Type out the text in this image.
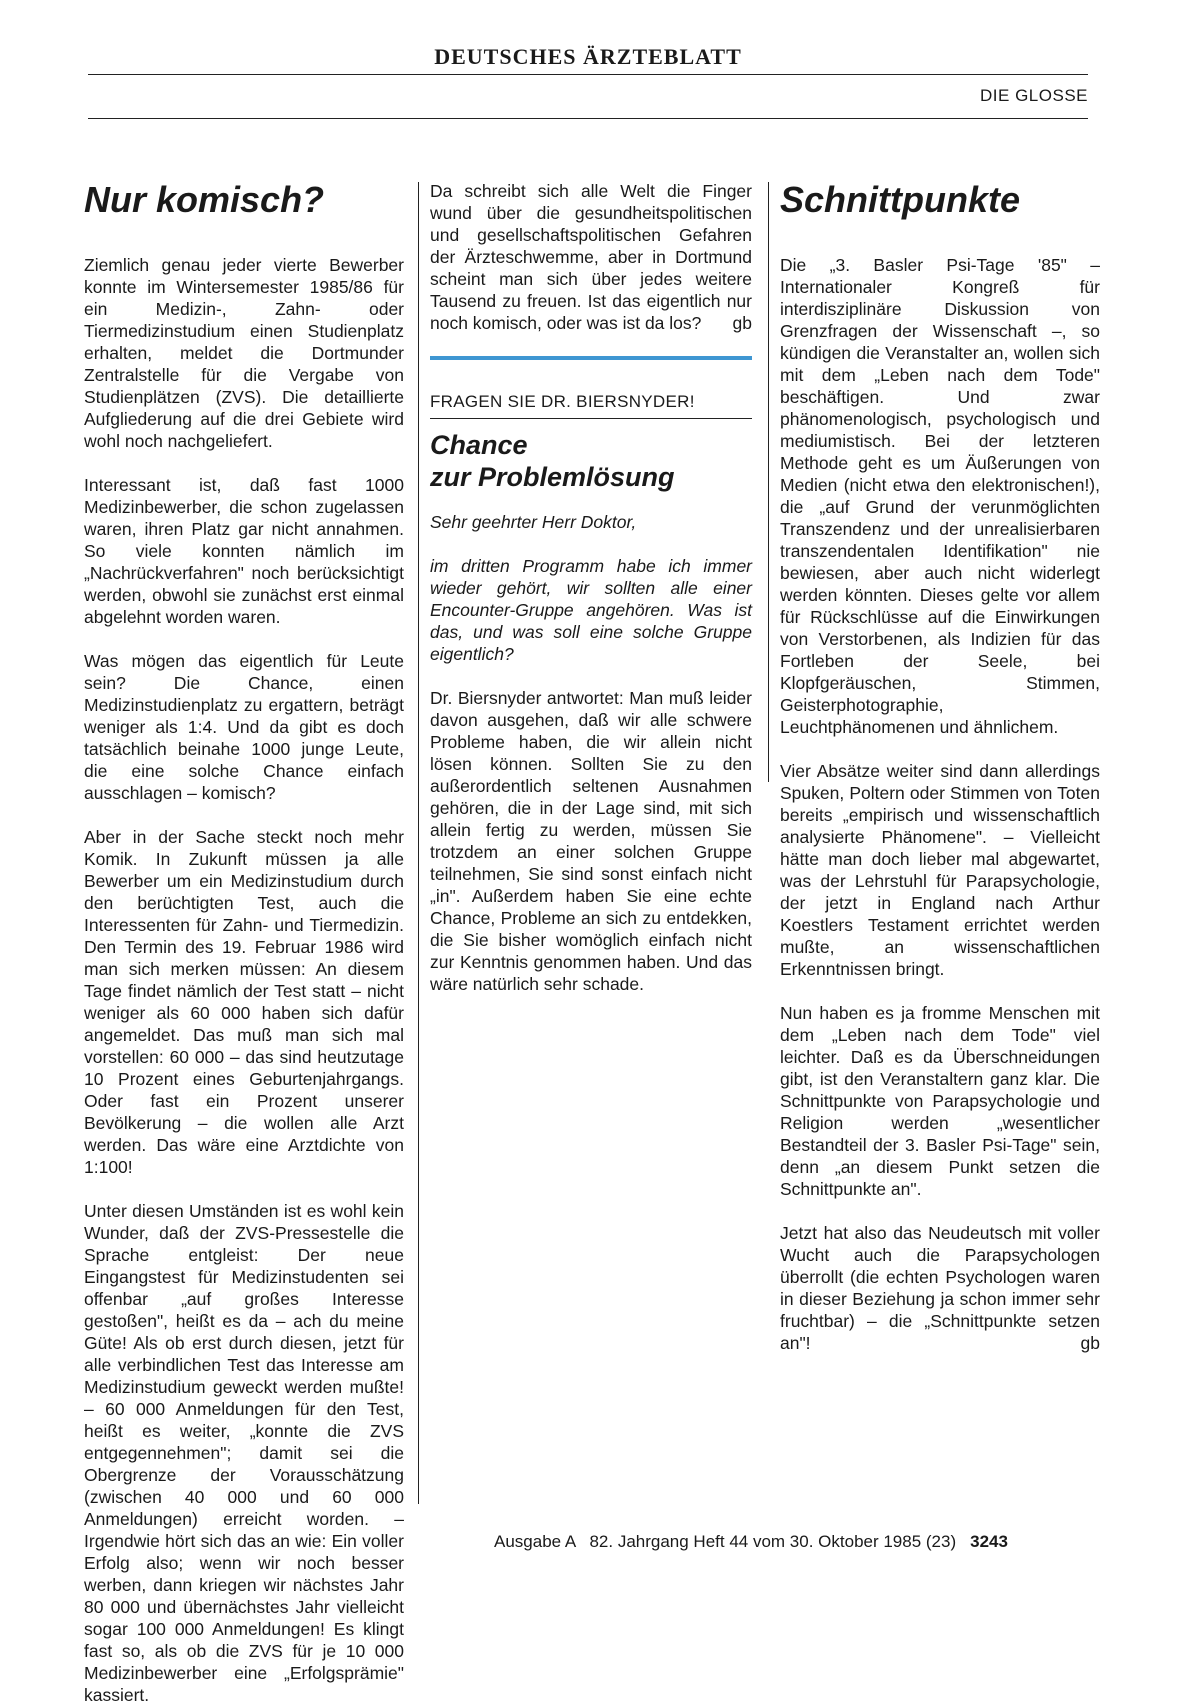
DEUTSCHES ÄRZTEBLATT
DIE GLOSSE
Nur komisch?

Ziemlich genau jeder vierte Bewerber konnte im Wintersemester 1985/86 für ein Medizin-, Zahn- oder Tiermedizinstudium einen Studienplatz erhalten, meldet die Dortmunder Zentralstelle für die Vergabe von Studienplätzen (ZVS). Die detaillierte Aufgliederung auf die drei Gebiete wird wohl noch nachgeliefert.

Interessant ist, daß fast 1000 Medizinbewerber, die schon zugelassen waren, ihren Platz gar nicht annahmen. So viele konnten nämlich im „Nachrückverfahren" noch berücksichtigt werden, obwohl sie zunächst erst einmal abgelehnt worden waren.

Was mögen das eigentlich für Leute sein? Die Chance, einen Medizinstudienplatz zu ergattern, beträgt weniger als 1:4. Und da gibt es doch tatsächlich beinahe 1000 junge Leute, die eine solche Chance einfach ausschlagen – komisch?

Aber in der Sache steckt noch mehr Komik. In Zukunft müssen ja alle Bewerber um ein Medizinstudium durch den berüchtigten Test, auch die Interessenten für Zahn- und Tiermedizin. Den Termin des 19. Februar 1986 wird man sich merken müssen: An diesem Tage findet nämlich der Test statt – nicht weniger als 60 000 haben sich dafür angemeldet. Das muß man sich mal vorstellen: 60 000 – das sind heutzutage 10 Prozent eines Geburtenjahrgangs. Oder fast ein Prozent unserer Bevölkerung – die wollen alle Arzt werden. Das wäre eine Arztdichte von 1:100!

Unter diesen Umständen ist es wohl kein Wunder, daß der ZVS-Pressestelle die Sprache entgleist: Der neue Eingangstest für Medizinstudenten sei offenbar „auf großes Interesse gestoßen", heißt es da – ach du meine Güte! Als ob erst durch diesen, jetzt für alle verbindlichen Test das Interesse am Medizinstudium geweckt werden mußte! – 60 000 Anmeldungen für den Test, heißt es weiter, „konnte die ZVS entgegennehmen"; damit sei die Obergrenze der Vorausschätzung (zwischen 40 000 und 60 000 Anmeldungen) erreicht worden. – Irgendwie hört sich das an wie: Ein voller Erfolg also; wenn wir noch besser werben, dann kriegen wir nächstes Jahr 80 000 und übernächstes Jahr vielleicht sogar 100 000 Anmeldungen! Es klingt fast so, als ob die ZVS für je 10 000 Medizinbewerber eine „Erfolgsprämie" kassiert.

Da schreibt sich alle Welt die Finger wund über die gesundheitspolitischen und gesellschaftspolitischen Gefahren der Ärzteschwemme, aber in Dortmund scheint man sich über jedes weitere Tausend zu freuen. Ist das eigentlich nur noch komisch, oder was ist da los? gb

FRAGEN SIE DR. BIERSNYDER!
Chance
zur Problemlösung

Sehr geehrter Herr Doktor,

im dritten Programm habe ich immer wieder gehört, wir sollten alle einer Encounter-Gruppe angehören. Was ist das, und was soll eine solche Gruppe eigentlich?

Dr. Biersnyder antwortet: Man muß leider davon ausgehen, daß wir alle schwere Probleme haben, die wir allein nicht lösen können. Sollten Sie zu den außerordentlich seltenen Ausnahmen gehören, die in der Lage sind, mit sich allein fertig zu werden, müssen Sie trotzdem an einer solchen Gruppe teilnehmen, Sie sind sonst einfach nicht „in". Außerdem haben Sie eine echte Chance, Probleme an sich zu entdekken, die Sie bisher womöglich einfach nicht zur Kenntnis genommen haben. Und das wäre natürlich sehr schade.

Schnittpunkte

Die „3. Basler Psi-Tage '85" – Internationaler Kongreß für interdisziplinäre Diskussion von Grenzfragen der Wissenschaft –, so kündigen die Veranstalter an, wollen sich mit dem „Leben nach dem Tode" beschäftigen. Und zwar phänomenologisch, psychologisch und mediumistisch. Bei der letzteren Methode geht es um Äußerungen von Medien (nicht etwa den elektronischen!), die „auf Grund der verunmöglichten Transzendenz und der unrealisierbaren transzendentalen Identifikation" nie bewiesen, aber auch nicht widerlegt werden könnten. Dieses gelte vor allem für Rückschlüsse auf die Einwirkungen von Verstorbenen, als Indizien für das Fortleben der Seele, bei Klopfgeräuschen, Stimmen, Geisterphotographie, Leuchtphänomenen und ähnlichem.

Vier Absätze weiter sind dann allerdings Spuken, Poltern oder Stimmen von Toten bereits „empirisch und wissenschaftlich analysierte Phänomene". – Vielleicht hätte man doch lieber mal abgewartet, was der Lehrstuhl für Parapsychologie, der jetzt in England nach Arthur Koestlers Testament errichtet werden mußte, an wissenschaftlichen Erkenntnissen bringt.

Nun haben es ja fromme Menschen mit dem „Leben nach dem Tode" viel leichter. Daß es da Überschneidungen gibt, ist den Veranstaltern ganz klar. Die Schnittpunkte von Parapsychologie und Religion werden „wesentlicher Bestandteil der 3. Basler Psi-Tage" sein, denn „an diesem Punkt setzen die Schnittpunkte an".

Jetzt hat also das Neudeutsch mit voller Wucht auch die Parapsychologen überrollt (die echten Psychologen waren in dieser Beziehung ja schon immer sehr fruchtbar) – die „Schnittpunkte setzen an"!	gb

Ausgabe A   82. Jahrgang Heft 44 vom 30. Oktober 1985 (23) 3243
